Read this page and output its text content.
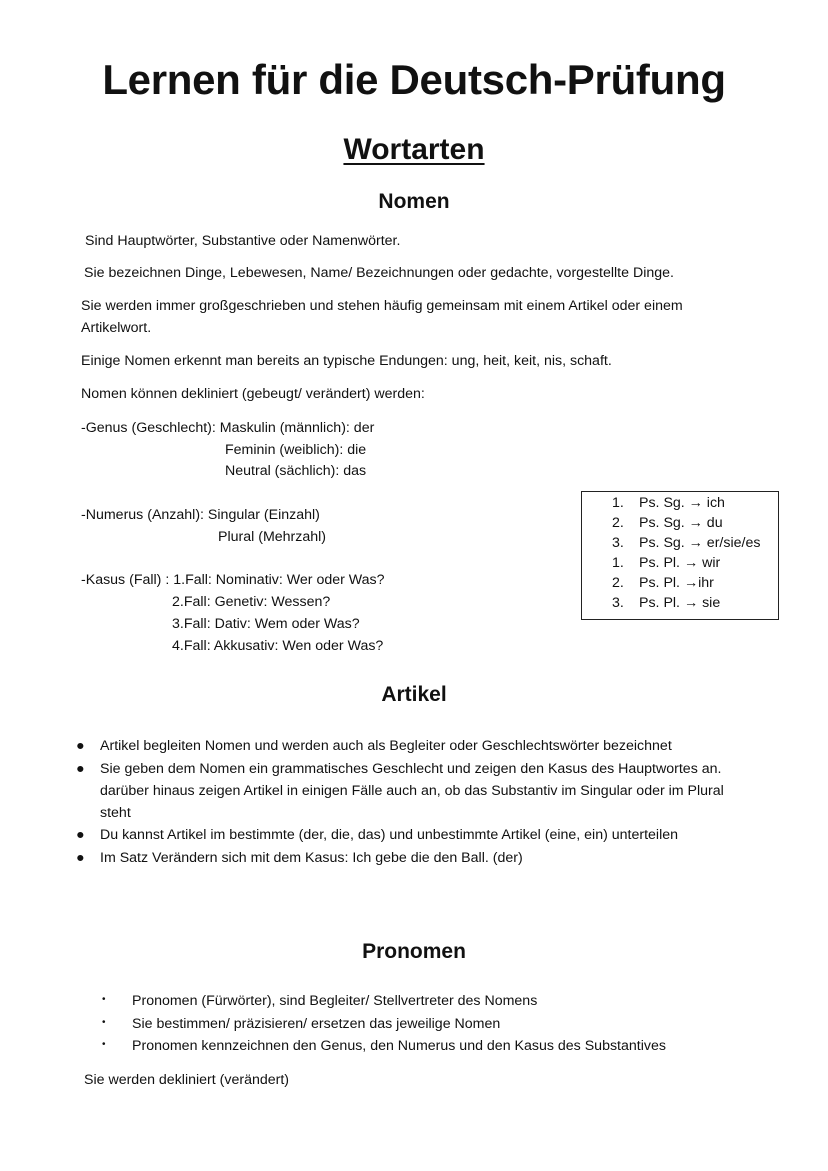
Lernen für die Deutsch-Prüfung
Wortarten
Nomen
Sind Hauptwörter, Substantive oder Namenwörter.
Sie bezeichnen Dinge, Lebewesen, Name/ Bezeichnungen oder gedachte, vorgestellte Dinge.
Sie werden immer großgeschrieben und stehen häufig gemeinsam mit einem Artikel oder einem
Artikelwort.
Einige Nomen erkennt man bereits an typische Endungen: ung, heit, keit, nis, schaft.
Nomen können dekliniert (gebeugt/ verändert) werden:
-Genus (Geschlecht): Maskulin (männlich): der
Feminin (weiblich): die
Neutral (sächlich): das
-Numerus (Anzahl): Singular (Einzahl)
Plural (Mehrzahl)
-Kasus (Fall) : 1.Fall: Nominativ: Wer oder Was?
2.Fall: Genetiv: Wessen?
3.Fall: Dativ: Wem oder Was?
4.Fall: Akkusativ: Wen oder Was?
1. Ps. Sg. → ich
2. Ps. Sg. → du
3. Ps. Sg. → er/sie/es
1. Ps. Pl. → wir
2. Ps. Pl. →ihr
3. Ps. Pl. → sie
Artikel
● Artikel begleiten Nomen und werden auch als Begleiter oder Geschlechtswörter bezeichnet
● Sie geben dem Nomen ein grammatisches Geschlecht und zeigen den Kasus des Hauptwortes an.
darüber hinaus zeigen Artikel in einigen Fälle auch an, ob das Substantiv im Singular oder im Plural
steht
● Du kannst Artikel im bestimmte (der, die, das) und unbestimmte Artikel (eine, ein) unterteilen
● Im Satz Verändern sich mit dem Kasus: Ich gebe die den Ball. (der)
Pronomen
• Pronomen (Fürwörter), sind Begleiter/ Stellvertreter des Nomens
• Sie bestimmen/ präzisieren/ ersetzen das jeweilige Nomen
• Pronomen kennzeichnen den Genus, den Numerus und den Kasus des Substantives
Sie werden dekliniert (verändert)
